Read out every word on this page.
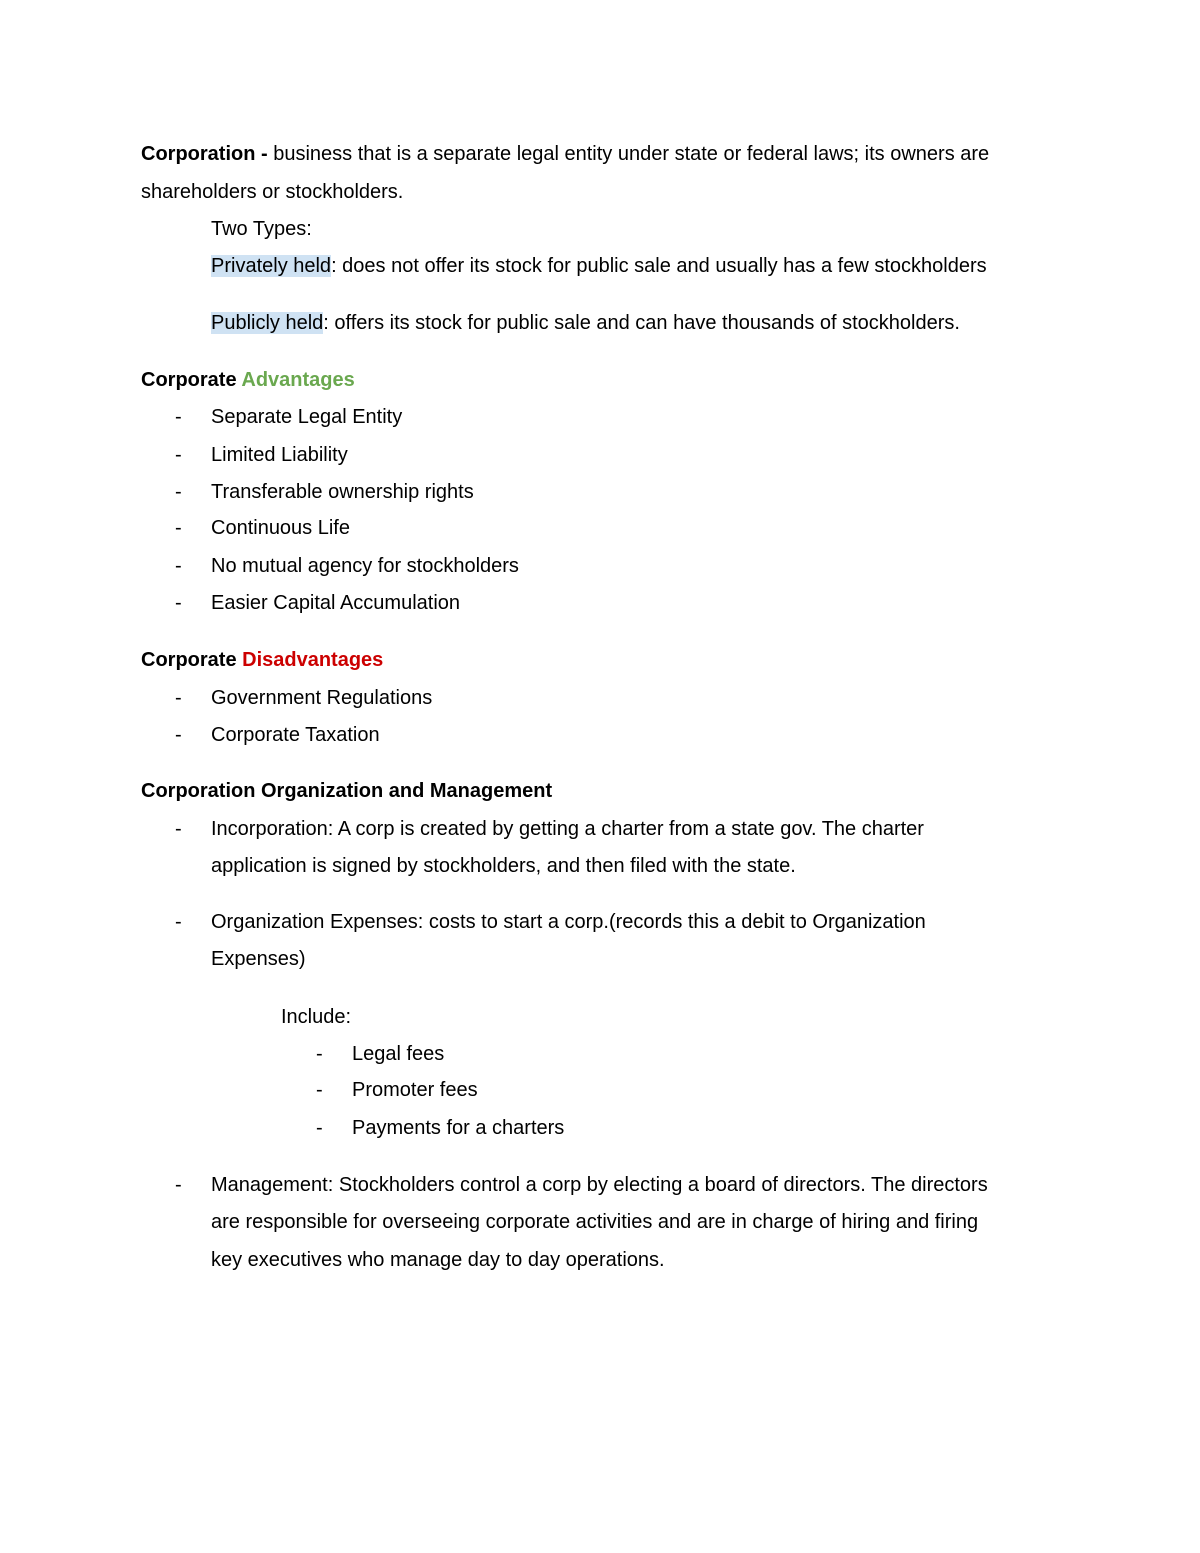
Corporation - business that is a separate legal entity under state or federal laws; its owners are
shareholders or stockholders.
Two Types:
Privately held: does not offer its stock for public sale and usually has a few stockholders
Publicly held: offers its stock for public sale and can have thousands of stockholders.
Corporate Advantages
- Separate Legal Entity
- Limited Liability
- Transferable ownership rights
- Continuous Life
- No mutual agency for stockholders
- Easier Capital Accumulation
Corporate Disadvantages
- Government Regulations
- Corporate Taxation
Corporation Organization and Management
- Incorporation: A corp is created by getting a charter from a state gov. The charter
application is signed by stockholders, and then filed with the state.
- Organization Expenses: costs to start a corp.(records this a debit to Organization
Expenses)
Include:
- Legal fees
- Promoter fees
- Payments for a charters
- Management: Stockholders control a corp by electing a board of directors. The directors
are responsible for overseeing corporate activities and are in charge of hiring and firing
key executives who manage day to day operations.
